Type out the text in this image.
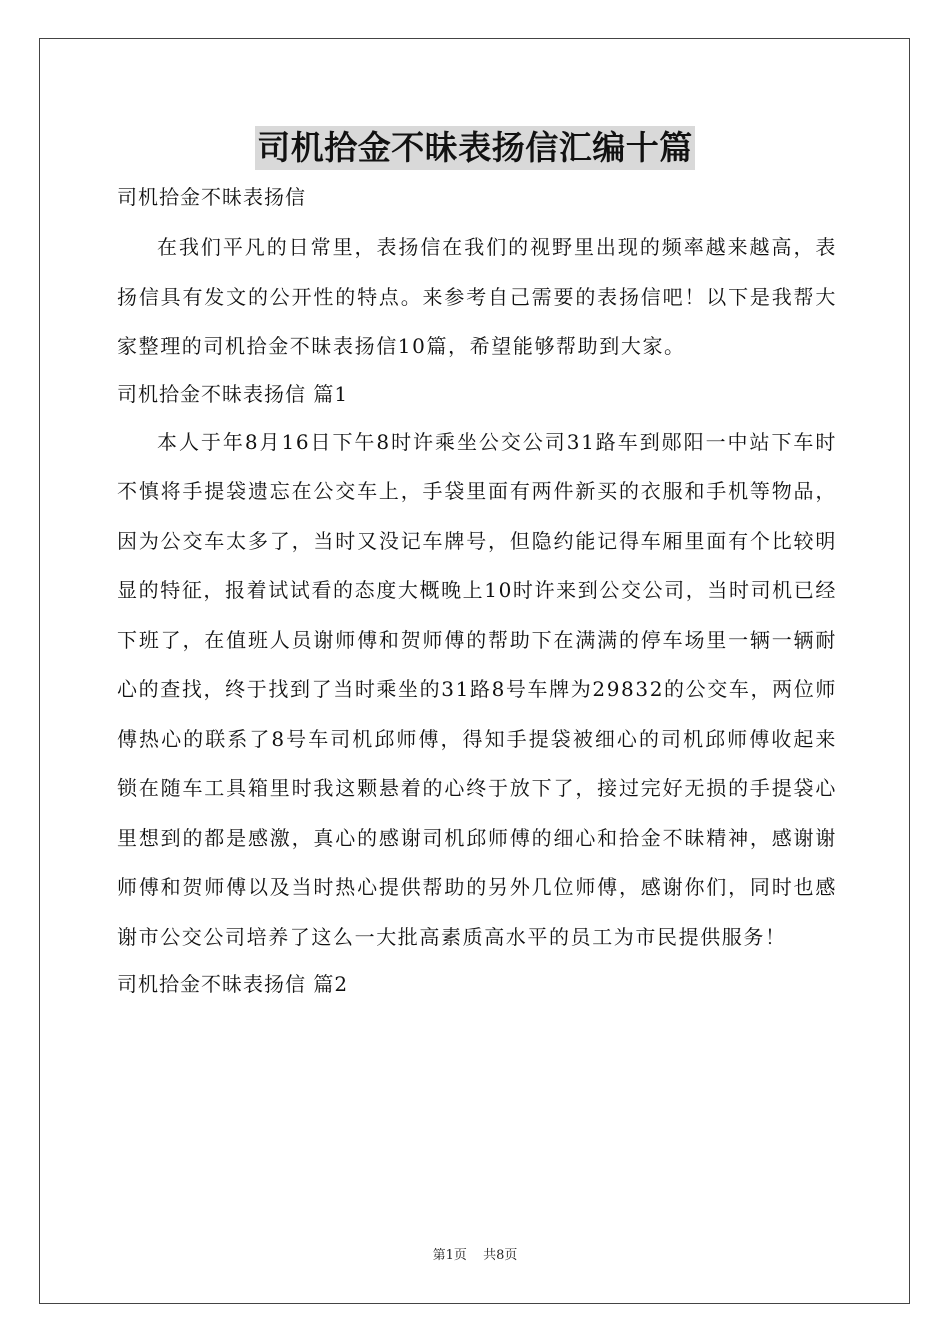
司机拾金不昧表扬信汇编十篇

司机拾金不昧表扬信

在我们平凡的日常里，表扬信在我们的视野里出现的频率越来越高，表扬信具有发文的公开性的特点。来参考自己需要的表扬信吧！以下是我帮大家整理的司机拾金不昧表扬信10篇，希望能够帮助到大家。

司机拾金不昧表扬信 篇1

本人于年8月16日下午8时许乘坐公交公司31路车到郧阳一中站下车时不慎将手提袋遗忘在公交车上，手袋里面有两件新买的衣服和手机等物品，因为公交车太多了，当时又没记车牌号，但隐约能记得车厢里面有个比较明显的特征，报着试试看的态度大概晚上10时许来到公交公司，当时司机已经下班了，在值班人员谢师傅和贺师傅的帮助下在满满的停车场里一辆一辆耐心的查找，终于找到了当时乘坐的31路8号车牌为29832的公交车，两位师傅热心的联系了8号车司机邱师傅，得知手提袋被细心的司机邱师傅收起来锁在随车工具箱里时我这颗悬着的心终于放下了，接过完好无损的手提袋心里想到的都是感激，真心的感谢司机邱师傅的细心和拾金不昧精神，感谢谢师傅和贺师傅以及当时热心提供帮助的另外几位师傅，感谢你们，同时也感谢市公交公司培养了这么一大批高素质高水平的员工为市民提供服务！

司机拾金不昧表扬信 篇2

第1页 共8页
